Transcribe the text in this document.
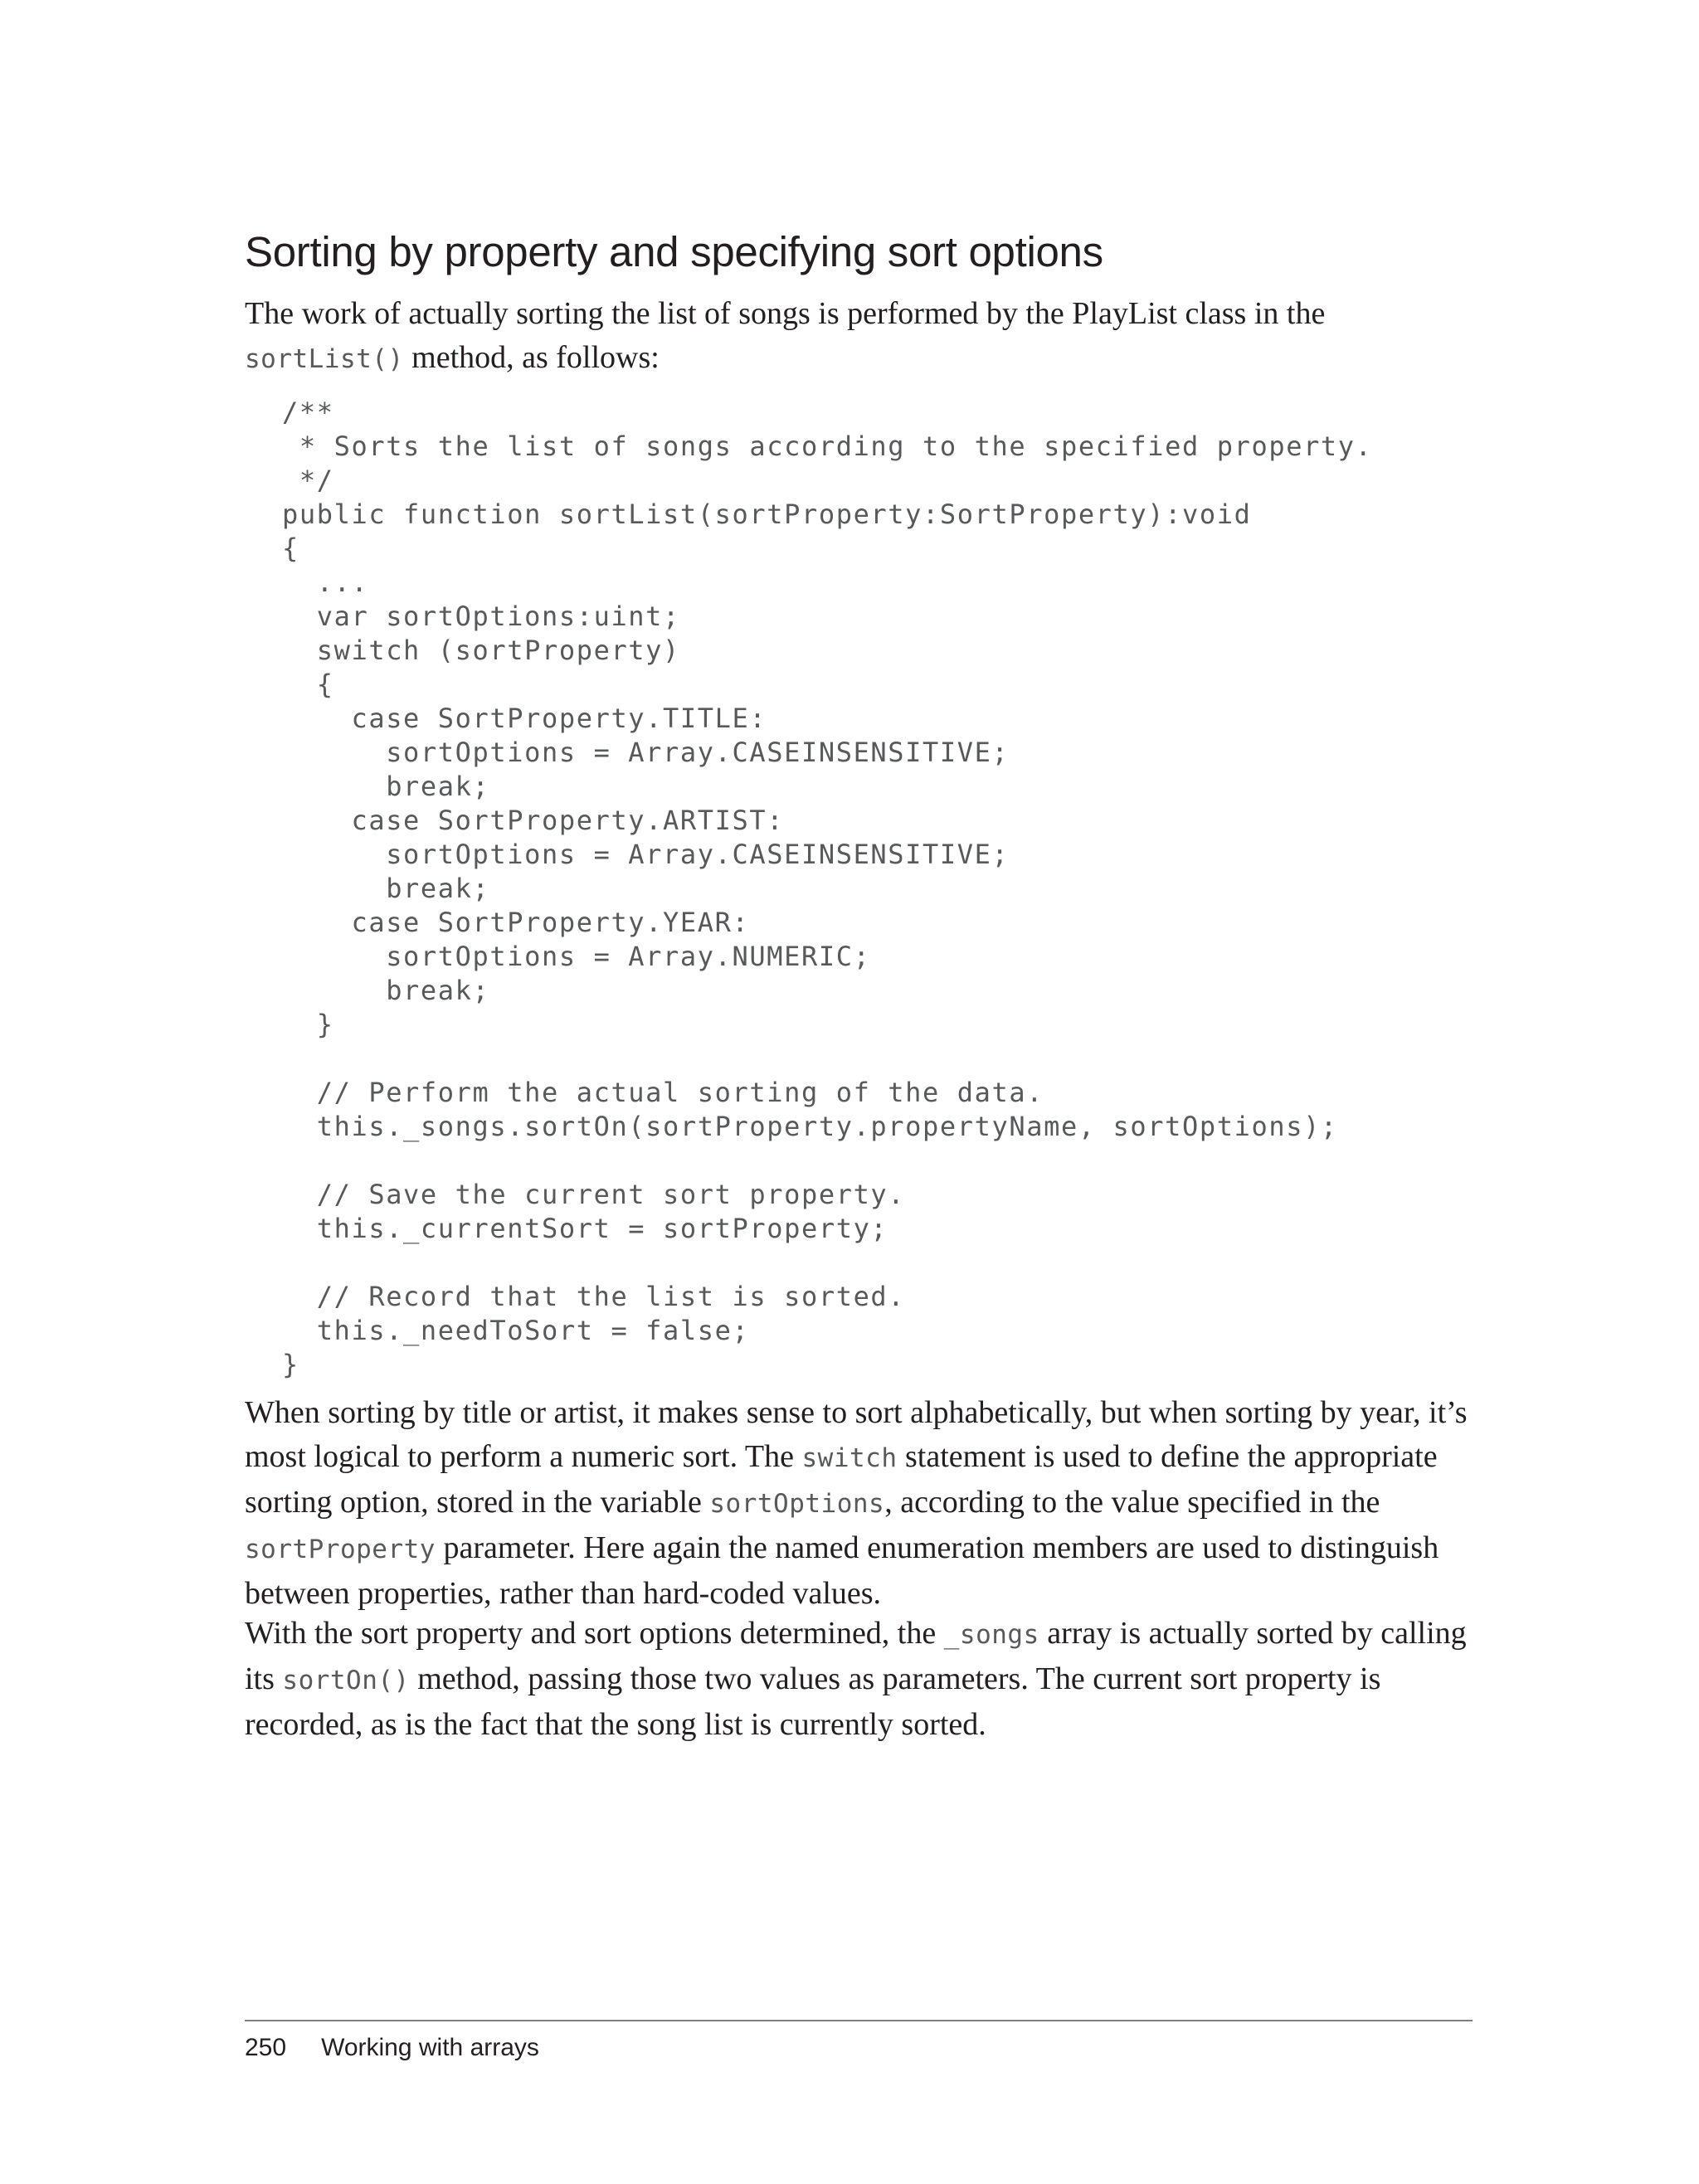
Sorting by property and specifying sort options

The work of actually sorting the list of songs is performed by the PlayList class in the sortList() method, as follows:

/**
* Sorts the list of songs according to the specified property.
*/
public function sortList(sortProperty:SortProperty):void
{
...
var sortOptions:uint;
switch (sortProperty)
{
case SortProperty.TITLE:
sortOptions = Array.CASEINSENSITIVE;
break;
case SortProperty.ARTIST:
sortOptions = Array.CASEINSENSITIVE;
break;
case SortProperty.YEAR:
sortOptions = Array.NUMERIC;
break;
}

// Perform the actual sorting of the data.
this._songs.sortOn(sortProperty.propertyName, sortOptions);

// Save the current sort property.
this._currentSort = sortProperty;

// Record that the list is sorted.
this._needToSort = false;
}

When sorting by title or artist, it makes sense to sort alphabetically, but when sorting by year, it’s most logical to perform a numeric sort. The switch statement is used to define the appropriate sorting option, stored in the variable sortOptions, according to the value specified in the sortProperty parameter. Here again the named enumeration members are used to distinguish between properties, rather than hard-coded values.

With the sort property and sort options determined, the _songs array is actually sorted by calling its sortOn() method, passing those two values as parameters. The current sort property is recorded, as is the fact that the song list is currently sorted.

250 Working with arrays
